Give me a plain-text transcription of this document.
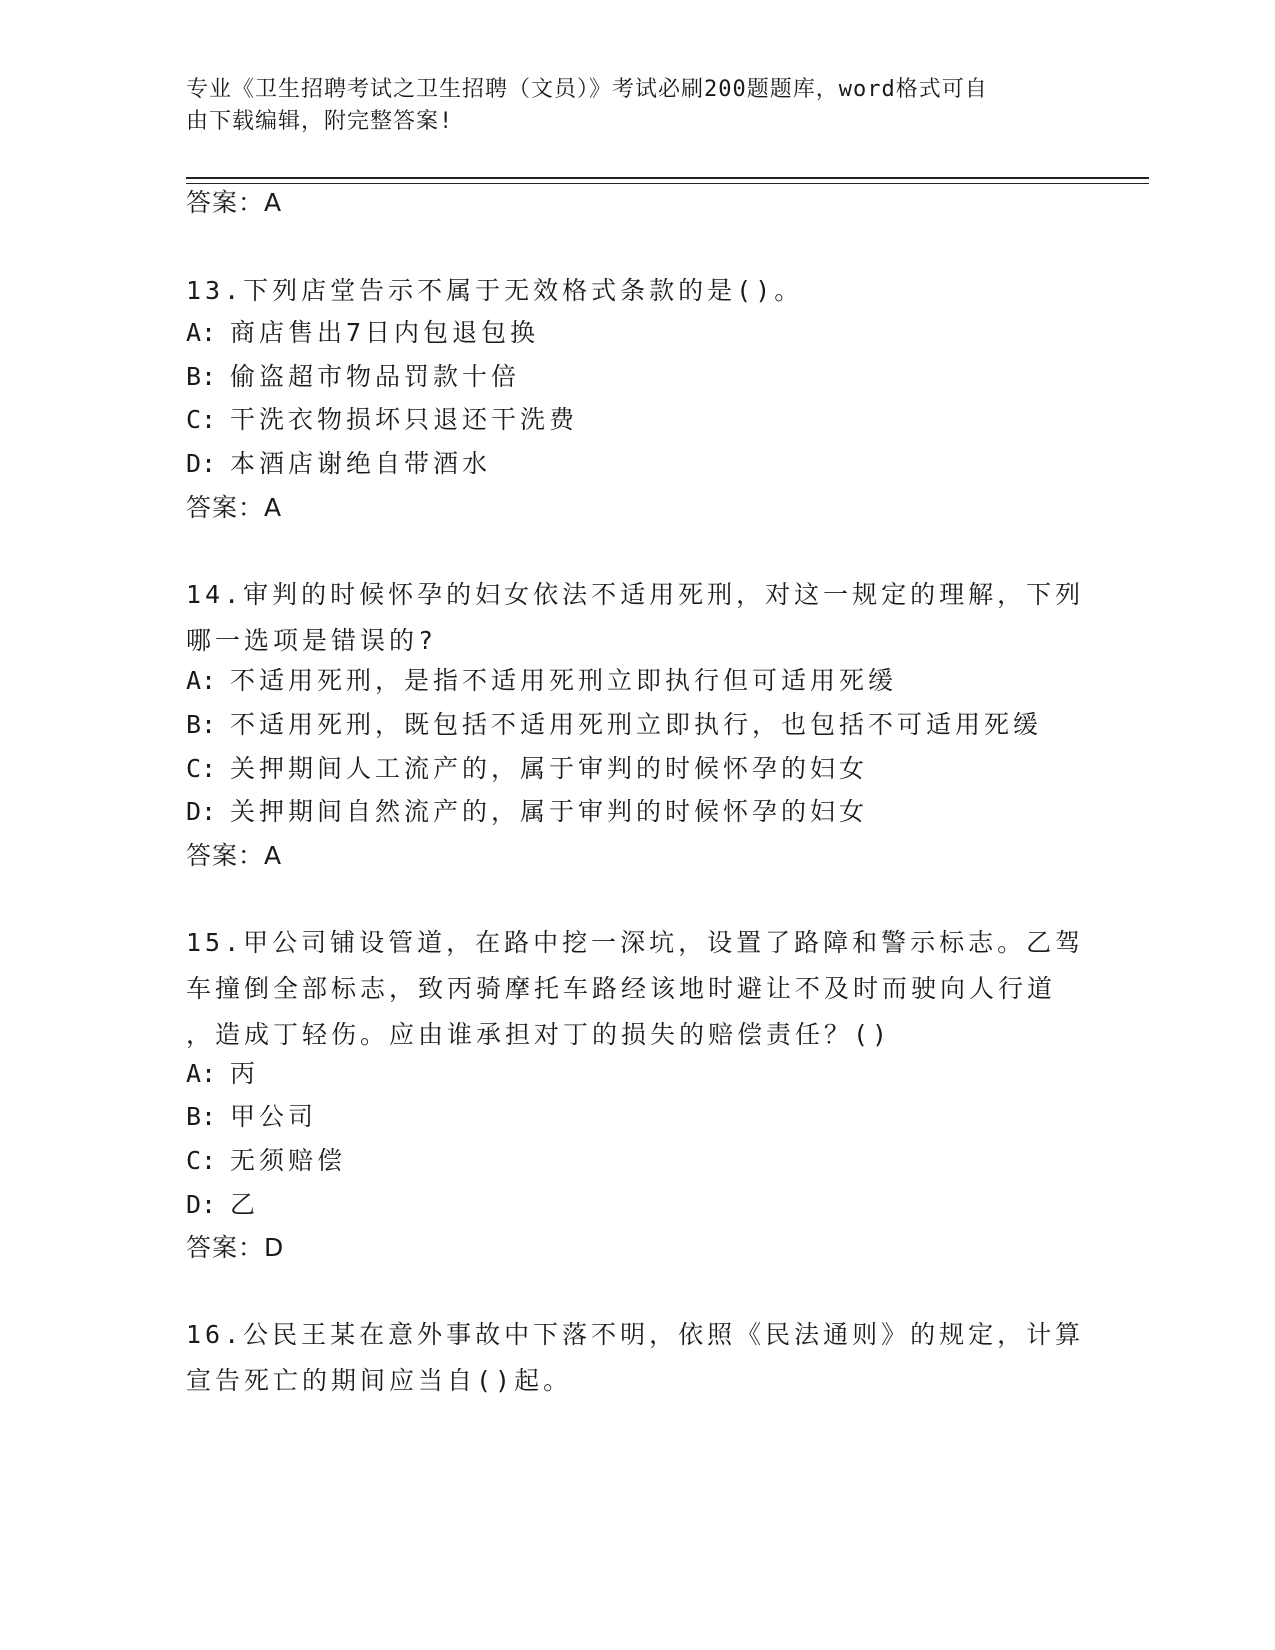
专业《卫生招聘考试之卫生招聘（文员）》考试必刷200题题库，word格式可自
由下载编辑，附完整答案!
答案：A
13.下列店堂告示不属于无效格式条款的是()。
A: 商店售出7日内包退包换
B: 偷盗超市物品罚款十倍
C: 干洗衣物损坏只退还干洗费
D: 本酒店谢绝自带酒水
答案：A
14.审判的时候怀孕的妇女依法不适用死刑，对这一规定的理解，下列
哪一选项是错误的?
A: 不适用死刑，是指不适用死刑立即执行但可适用死缓
B: 不适用死刑，既包括不适用死刑立即执行，也包括不可适用死缓
C: 关押期间人工流产的，属于审判的时候怀孕的妇女
D: 关押期间自然流产的，属于审判的时候怀孕的妇女
答案：A
15.甲公司铺设管道，在路中挖一深坑，设置了路障和警示标志。乙驾
车撞倒全部标志，致丙骑摩托车路经该地时避让不及时而驶向人行道
，造成丁轻伤。应由谁承担对丁的损失的赔偿责任？()
A: 丙
B: 甲公司
C: 无须赔偿
D: 乙
答案：D
16.公民王某在意外事故中下落不明，依照《民法通则》的规定，计算
宣告死亡的期间应当自()起。
